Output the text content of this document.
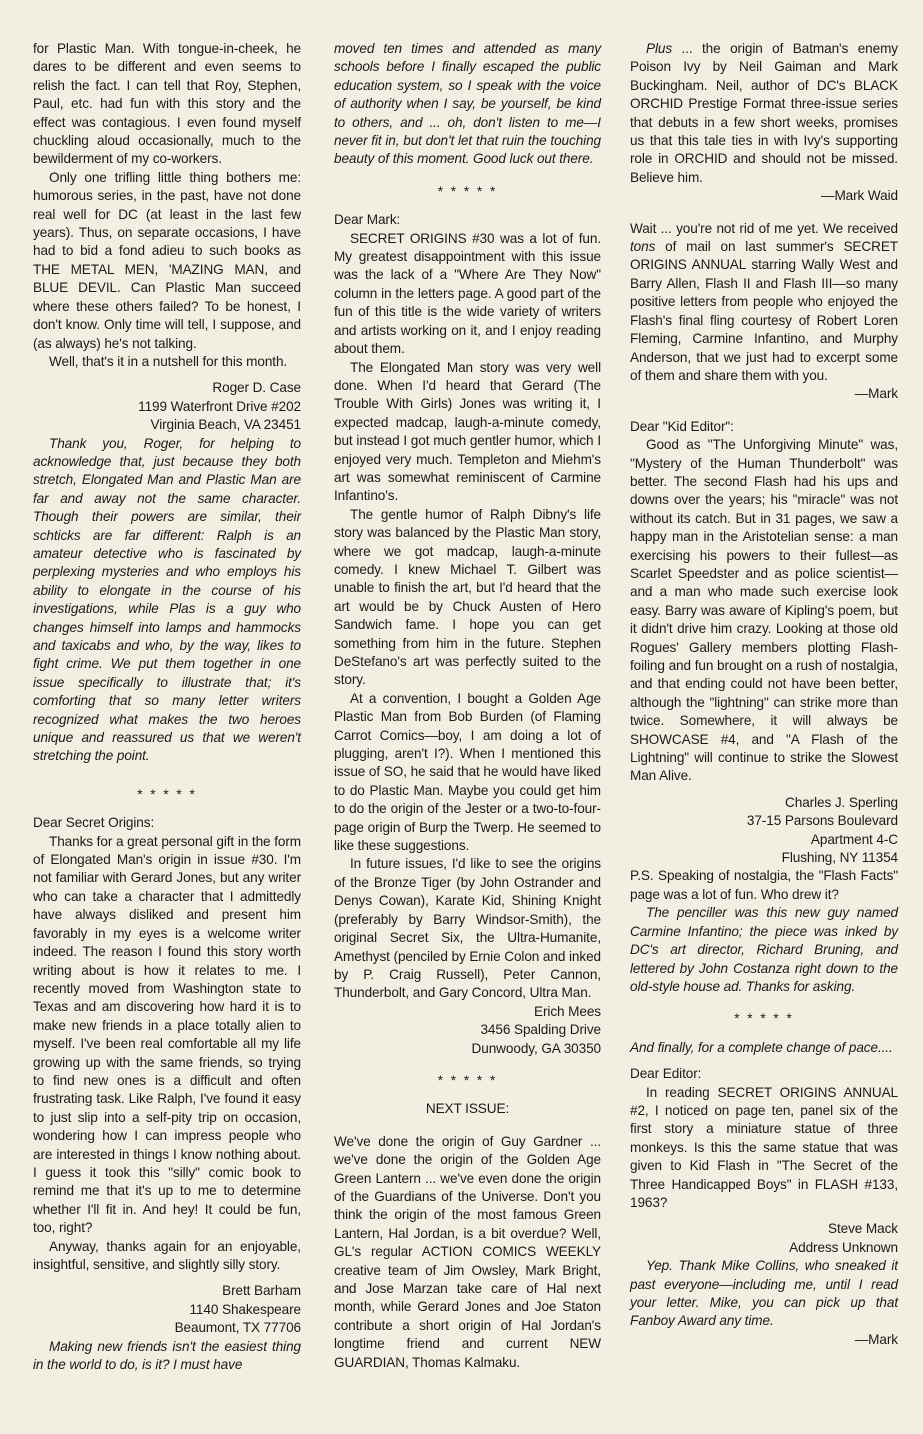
for Plastic Man. With tongue-in-cheek, he dares to be different and even seems to relish the fact. I can tell that Roy, Stephen, Paul, etc. had fun with this story and the effect was contagious. I even found myself chuckling aloud occasionally, much to the bewilderment of my co-workers.

Only one trifling little thing bothers me: humorous series, in the past, have not done real well for DC (at least in the last few years). Thus, on separate occasions, I have had to bid a fond adieu to such books as THE METAL MEN, 'MAZING MAN, and BLUE DEVIL. Can Plastic Man succeed where these others failed? To be honest, I don't know. Only time will tell, I suppose, and (as always) he's not talking.

Well, that's it in a nutshell for this month.

Roger D. Case

1199 Waterfront Drive #202

Virginia Beach, VA 23451

Thank you, Roger, for helping to acknowledge that, just because they both stretch, Elongated Man and Plastic Man are far and away not the same character. Though their powers are similar, their schticks are far different: Ralph is an amateur detective who is fascinated by perplexing mysteries and who employs his ability to elongate in the course of his investigations, while Plas is a guy who changes himself into lamps and hammocks and taxicabs and who, by the way, likes to fight crime. We put them together in one issue specifically to illustrate that; it's comforting that so many letter writers recognized what makes the two heroes unique and reassured us that we weren't stretching the point.

* * * * *

Dear Secret Origins:

Thanks for a great personal gift in the form of Elongated Man's origin in issue #30. I'm not familiar with Gerard Jones, but any writer who can take a character that I admittedly have always disliked and present him favorably in my eyes is a welcome writer indeed. The reason I found this story worth writing about is how it relates to me. I recently moved from Washington state to Texas and am discovering how hard it is to make new friends in a place totally alien to myself. I've been real comfortable all my life growing up with the same friends, so trying to find new ones is a difficult and often frustrating task. Like Ralph, I've found it easy to just slip into a self-pity trip on occasion, wondering how I can impress people who are interested in things I know nothing about. I guess it took this "silly" comic book to remind me that it's up to me to determine whether I'll fit in. And hey! It could be fun, too, right?

Anyway, thanks again for an enjoyable, insightful, sensitive, and slightly silly story.

Brett Barham

1140 Shakespeare

Beaumont, TX 77706

Making new friends isn't the easiest thing in the world to do, is it? I must have

moved ten times and attended as many schools before I finally escaped the public education system, so I speak with the voice of authority when I say, be yourself, be kind to others, and ... oh, don't listen to me—I never fit in, but don't let that ruin the touching beauty of this moment. Good luck out there.

* * * * *

Dear Mark:

SECRET ORIGINS #30 was a lot of fun. My greatest disappointment with this issue was the lack of a "Where Are They Now" column in the letters page. A good part of the fun of this title is the wide variety of writers and artists working on it, and I enjoy reading about them.

The Elongated Man story was very well done. When I'd heard that Gerard (The Trouble With Girls) Jones was writing it, I expected madcap, laugh-a-minute comedy, but instead I got much gentler humor, which I enjoyed very much. Templeton and Miehm's art was somewhat reminiscent of Carmine Infantino's.

The gentle humor of Ralph Dibny's life story was balanced by the Plastic Man story, where we got madcap, laugh-a-minute comedy. I knew Michael T. Gilbert was unable to finish the art, but I'd heard that the art would be by Chuck Austen of Hero Sandwich fame. I hope you can get something from him in the future. Stephen DeStefano's art was perfectly suited to the story.

At a convention, I bought a Golden Age Plastic Man from Bob Burden (of Flaming Carrot Comics—boy, I am doing a lot of plugging, aren't I?). When I mentioned this issue of SO, he said that he would have liked to do Plastic Man. Maybe you could get him to do the origin of the Jester or a two-to-four-page origin of Burp the Twerp. He seemed to like these suggestions.

In future issues, I'd like to see the origins of the Bronze Tiger (by John Ostrander and Denys Cowan), Karate Kid, Shining Knight (preferably by Barry Windsor-Smith), the original Secret Six, the Ultra-Humanite, Amethyst (penciled by Ernie Colon and inked by P. Craig Russell), Peter Cannon, Thunderbolt, and Gary Concord, Ultra Man.

Erich Mees

3456 Spalding Drive

Dunwoody, GA 30350

* * * * *

NEXT ISSUE:

We've done the origin of Guy Gardner ... we've done the origin of the Golden Age Green Lantern ... we've even done the origin of the Guardians of the Universe. Don't you think the origin of the most famous Green Lantern, Hal Jordan, is a bit overdue? Well, GL's regular ACTION COMICS WEEKLY creative team of Jim Owsley, Mark Bright, and Jose Marzan take care of Hal next month, while Gerard Jones and Joe Staton contribute a short origin of Hal Jordan's longtime friend and current NEW GUARDIAN, Thomas Kalmaku.

Plus ... the origin of Batman's enemy Poison Ivy by Neil Gaiman and Mark Buckingham. Neil, author of DC's BLACK ORCHID Prestige Format three-issue series that debuts in a few short weeks, promises us that this tale ties in with Ivy's supporting role in ORCHID and should not be missed. Believe him.

—Mark Waid

Wait ... you're not rid of me yet. We received tons of mail on last summer's SECRET ORIGINS ANNUAL starring Wally West and Barry Allen, Flash II and Flash III—so many positive letters from people who enjoyed the Flash's final fling courtesy of Robert Loren Fleming, Carmine Infantino, and Murphy Anderson, that we just had to excerpt some of them and share them with you.

—Mark

Dear "Kid Editor":

Good as "The Unforgiving Minute" was, "Mystery of the Human Thunderbolt" was better. The second Flash had his ups and downs over the years; his "miracle" was not without its catch. But in 31 pages, we saw a happy man in the Aristotelian sense: a man exercising his powers to their fullest—as Scarlet Speedster and as police scientist—and a man who made such exercise look easy. Barry was aware of Kipling's poem, but it didn't drive him crazy. Looking at those old Rogues' Gallery members plotting Flash-foiling and fun brought on a rush of nostalgia, and that ending could not have been better, although the "lightning" can strike more than twice. Somewhere, it will always be SHOWCASE #4, and "A Flash of the Lightning" will continue to strike the Slowest Man Alive.

Charles J. Sperling

37-15 Parsons Boulevard

Apartment 4-C

Flushing, NY 11354

P.S. Speaking of nostalgia, the "Flash Facts" page was a lot of fun. Who drew it?

The penciller was this new guy named Carmine Infantino; the piece was inked by DC's art director, Richard Bruning, and lettered by John Costanza right down to the old-style house ad. Thanks for asking.

* * * * *

And finally, for a complete change of pace....

Dear Editor:

In reading SECRET ORIGINS ANNUAL #2, I noticed on page ten, panel six of the first story a miniature statue of three monkeys. Is this the same statue that was given to Kid Flash in "The Secret of the Three Handicapped Boys" in FLASH #133, 1963?

Steve Mack

Address Unknown

Yep. Thank Mike Collins, who sneaked it past everyone—including me, until I read your letter. Mike, you can pick up that Fanboy Award any time.

—Mark
